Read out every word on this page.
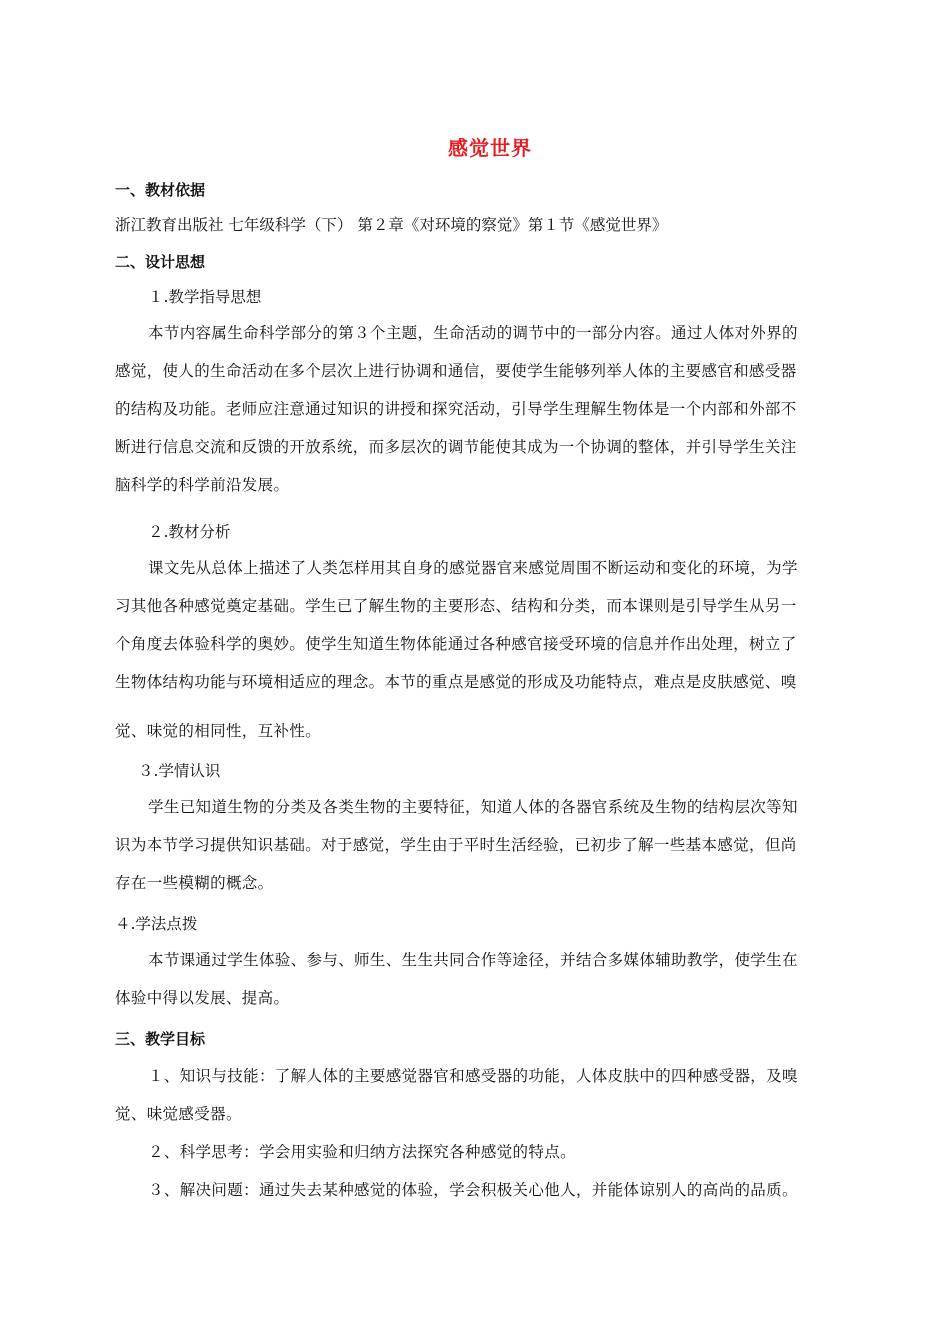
感觉世界
一、教材依据
浙江教育出版社 七年级科学（下） 第２章《对环境的察觉》第１节《感觉世界》
二、设计思想
１.教学指导思想
本节内容属生命科学部分的第３个主题，生命活动的调节中的一部分内容。通过人体对外界的
感觉，使人的生命活动在多个层次上进行协调和通信，要使学生能够列举人体的主要感官和感受器
的结构及功能。老师应注意通过知识的讲授和探究活动，引导学生理解生物体是一个内部和外部不
断进行信息交流和反馈的开放系统，而多层次的调节能使其成为一个协调的整体，并引导学生关注
脑科学的科学前沿发展。
２.教材分析
课文先从总体上描述了人类怎样用其自身的感觉器官来感觉周围不断运动和变化的环境，为学
习其他各种感觉奠定基础。学生已了解生物的主要形态、结构和分类，而本课则是引导学生从另一
个角度去体验科学的奥妙。使学生知道生物体能通过各种感官接受环境的信息并作出处理，树立了
生物体结构功能与环境相适应的理念。本节的重点是感觉的形成及功能特点，难点是皮肤感觉、嗅
觉、味觉的相同性，互补性。
３.学情认识
学生已知道生物的分类及各类生物的主要特征，知道人体的各器官系统及生物的结构层次等知
识为本节学习提供知识基础。对于感觉，学生由于平时生活经验，已初步了解一些基本感觉，但尚
存在一些模糊的概念。
４.学法点拨
本节课通过学生体验、参与、师生、生生共同合作等途径，并结合多媒体辅助教学，使学生在
体验中得以发展、提高。
三、教学目标
１、知识与技能：了解人体的主要感觉器官和感受器的功能，人体皮肤中的四种感受器，及嗅
觉、味觉感受器。
２、科学思考：学会用实验和归纳方法探究各种感觉的特点。
３、解决问题：通过失去某种感觉的体验，学会积极关心他人，并能体谅别人的高尚的品质。
